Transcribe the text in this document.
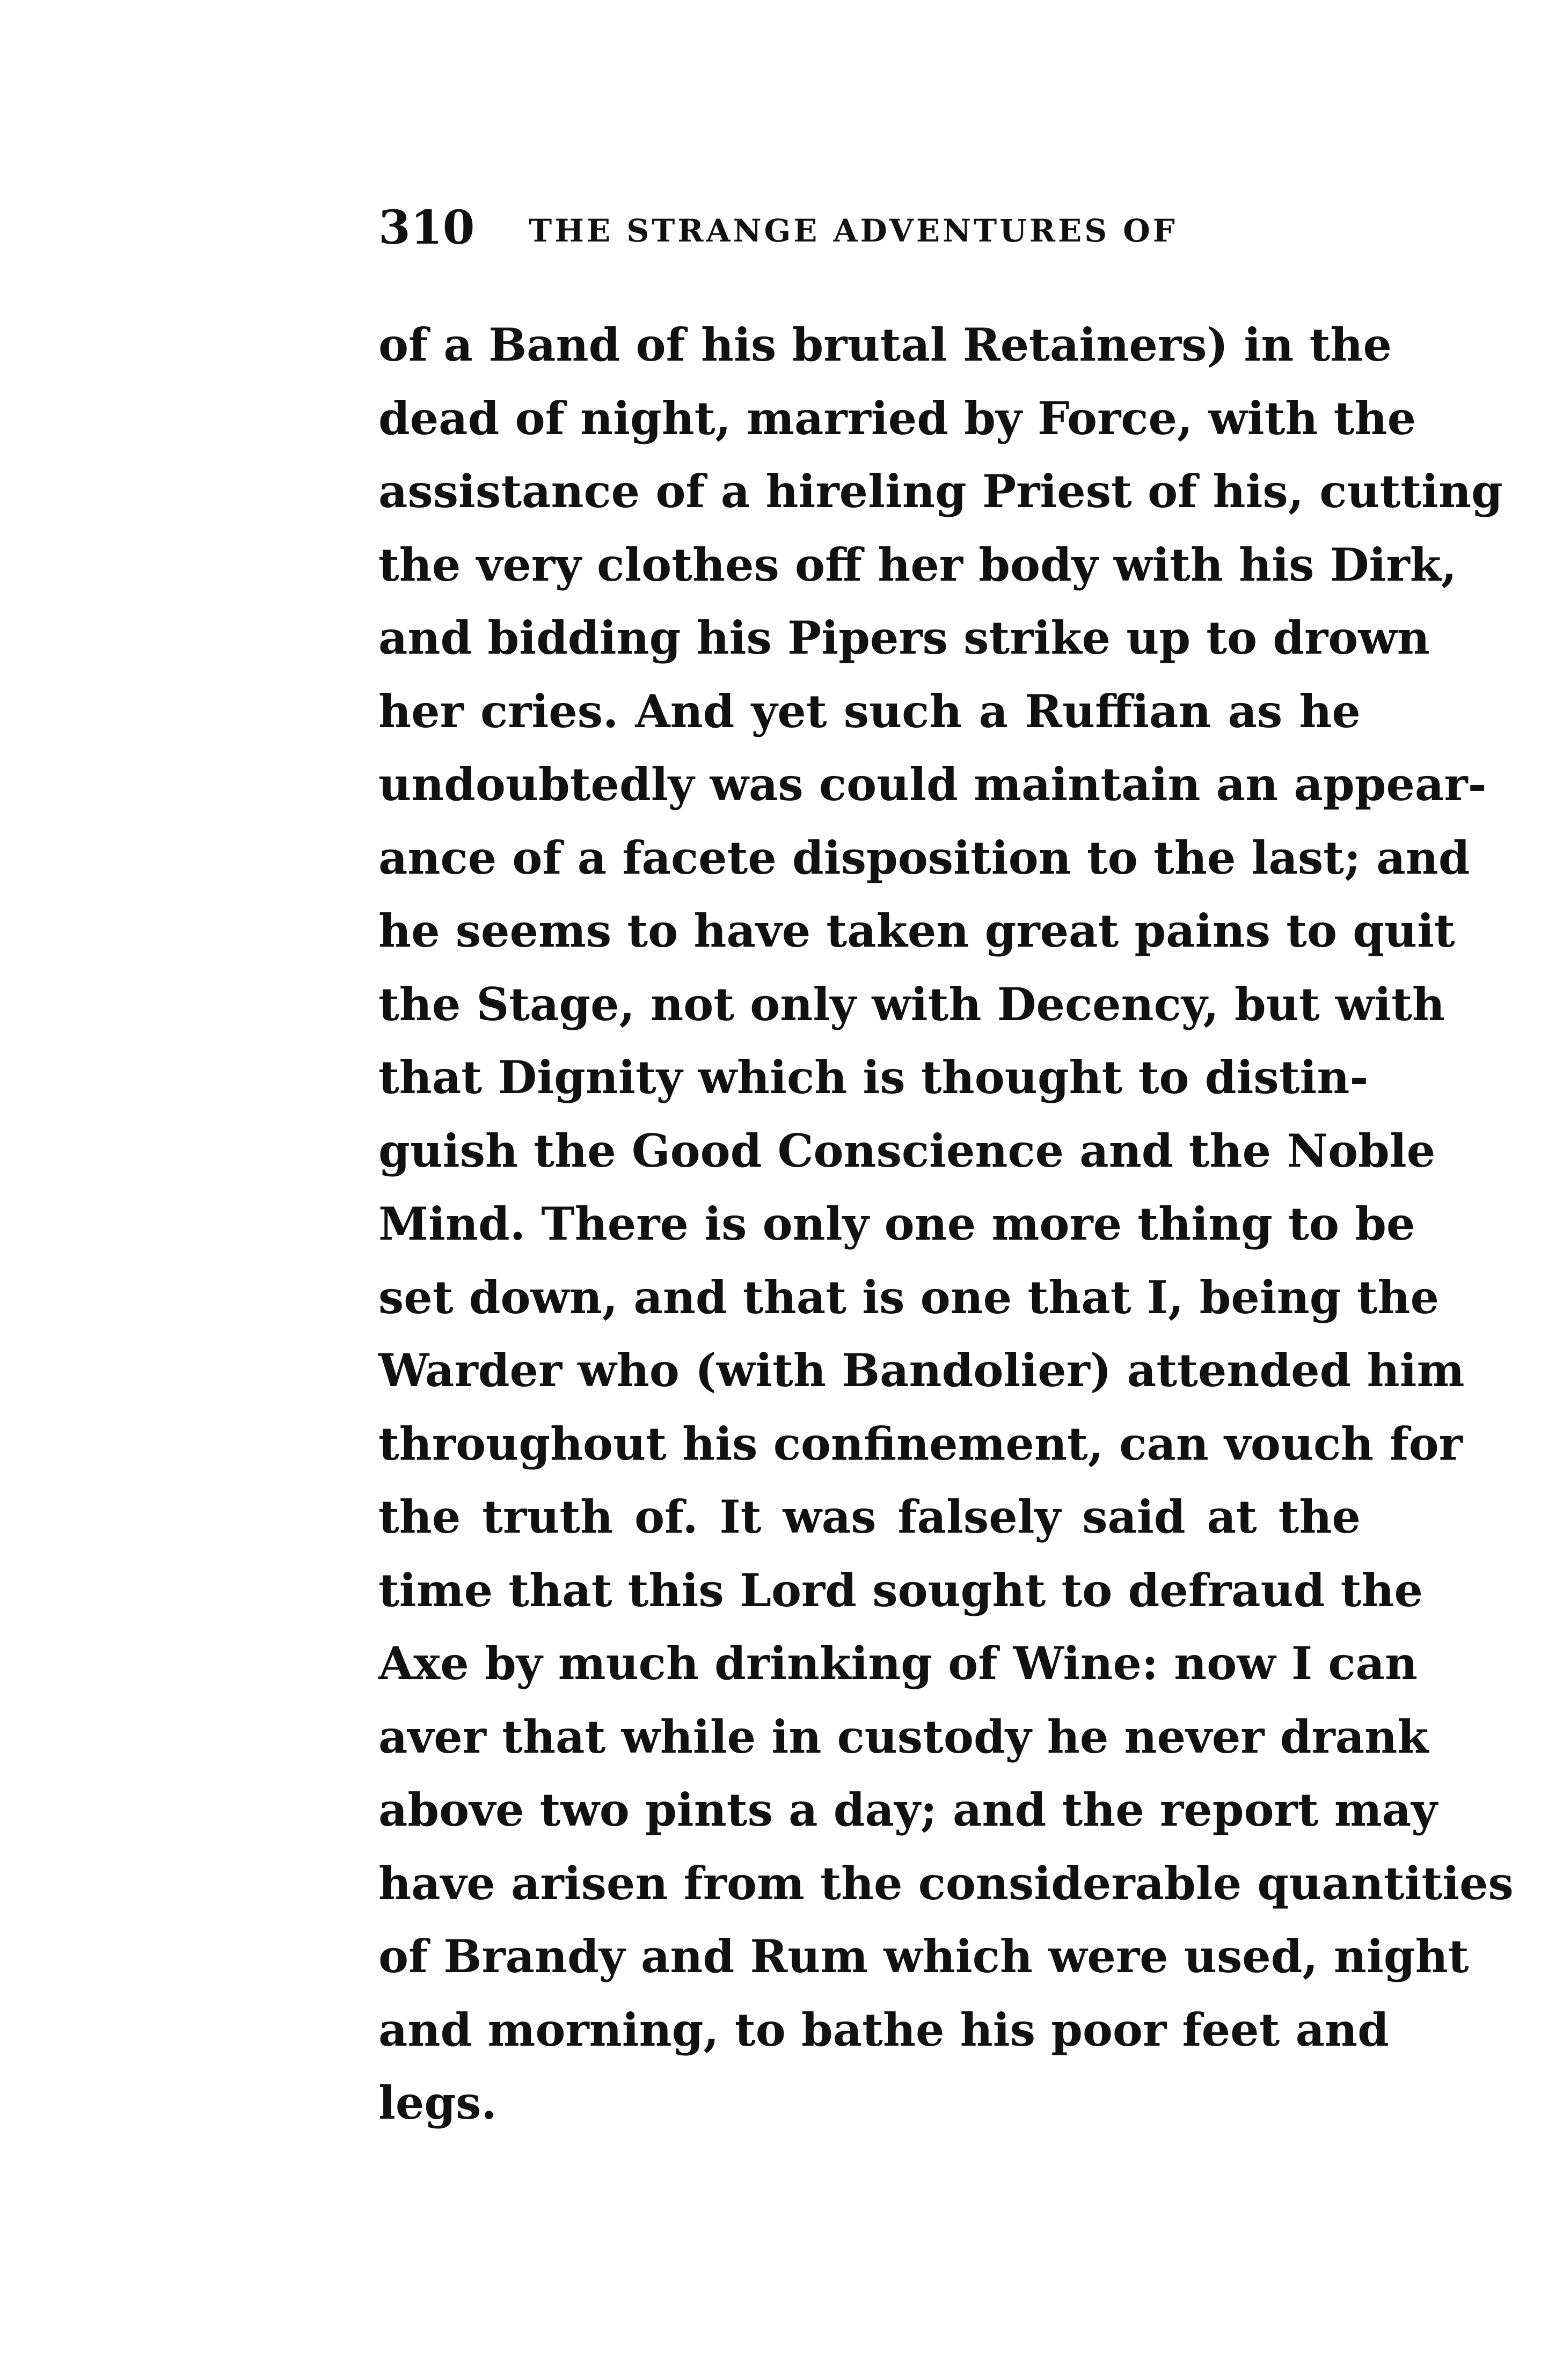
310 THE STRANGE ADVENTURES OF
of a Band of his brutal Retainers) in the
dead of night, married by Force, with the
assistance of a hireling Priest of his, cutting
the very clothes off her body with his Dirk,
and bidding his Pipers strike up to drown
her cries. And yet such a Ruffian as he
undoubtedly was could maintain an appear-
ance of a facete disposition to the last; and
he seems to have taken great pains to quit
the Stage, not only with Decency, but with
that Dignity which is thought to distin-
guish the Good Conscience and the Noble
Mind. There is only one more thing to be
set down, and that is one that I, being the
Warder who (with Bandolier) attended him
throughout his confinement, can vouch for
the truth of. It was falsely said at the
time that this Lord sought to defraud the
Axe by much drinking of Wine: now I can
aver that while in custody he never drank
above two pints a day; and the report may
have arisen from the considerable quantities
of Brandy and Rum which were used, night
and morning, to bathe his poor feet and
legs.
